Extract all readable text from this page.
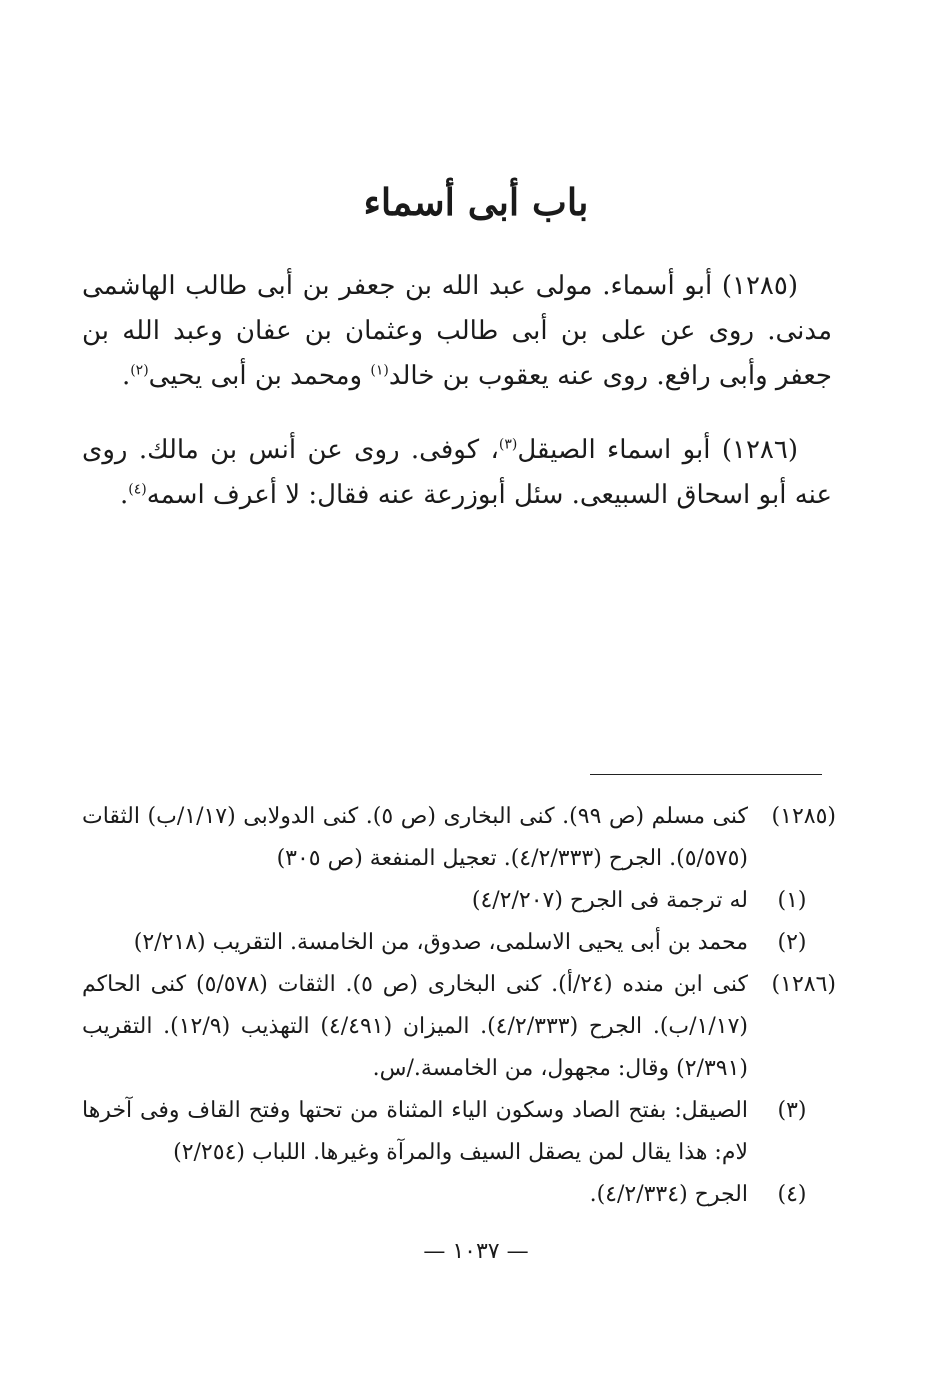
باب أبى أسماء

(١٢٨٥) أبو أسماء. مولى عبد الله بن جعفر بن أبى طالب الهاشمى مدنى. روى عن على بن أبى طالب وعثمان بن عفان وعبد الله بن جعفر وأبى رافع. روى عنه يعقوب بن خالد$^{(١)}$ ومحمد بن أبى يحيى$^{(٢)}$.

(١٢٨٦) أبو اسماء الصيقل$^{(٣)}$، كوفى. روى عن أنس بن مالك. روى عنه أبو اسحاق السبيعى. سئل أبوزرعة عنه فقال: لا أعرف اسمه$^{(٤)}$.

(١٢٨٥)
كنى مسلم (ص ٩٩). كنى البخارى (ص ٥). كنى الدولابى (١/١٧/ب) الثقات (٥/٥٧٥). الجرح (٤/٢/٣٣٣). تعجيل المنفعة (ص ٣٠٥)
(١)
له ترجمة فى الجرح (٤/٢/٢٠٧)
(٢)
محمد بن أبى يحيى الاسلمى، صدوق، من الخامسة. التقريب (٢/٢١٨)
(١٢٨٦)
كنى ابن منده (٢٤/أ). كنى البخارى (ص ٥). الثقات (٥/٥٧٨) كنى الحاكم (١/١٧/ب). الجرح (٤/٢/٣٣٣). الميزان (٤/٤٩١) التهذيب (١٢/٩). التقريب (٢/٣٩١) وقال: مجهول، من الخامسة./س.
(٣)
الصيقل: بفتح الصاد وسكون الياء المثناة من تحتها وفتح القاف وفى آخرها لام: هذا يقال لمن يصقل السيف والمرآة وغيرها. اللباب (٢/٢٥٤)
(٤)
الجرح (٤/٢/٣٣٤).
— ١٠٣٧ —
